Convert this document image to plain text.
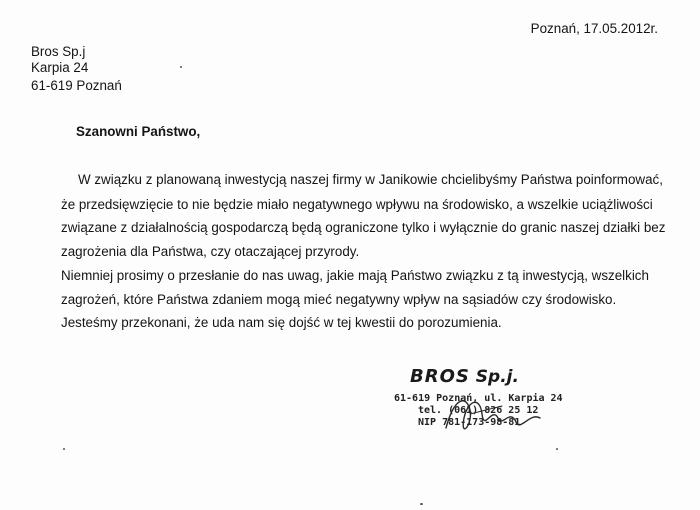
Poznań, 17.05.2012r.
Bros Sp.j
Karpia 24
61-619 Poznań
Szanowni Państwo,
W związku z planowaną inwestycją naszej firmy w Janikowie chcielibyśmy Państwa poinformować,
że przedsięwzięcie to nie będzie miało negatywnego wpływu na środowisko, a wszelkie uciążliwości
związane z działalnością gospodarczą będą ograniczone tylko i wyłącznie do granic naszej działki bez
zagrożenia dla Państwa, czy otaczającej przyrody.
Niemniej prosimy o przesłanie do nas uwag, jakie mają Państwo związku z tą inwestycją, wszelkich
zagrożeń, które Państwa zdaniem mogą mieć negatywny wpływ na sąsiadów czy środowisko.
Jesteśmy przekonani, że uda nam się dojść w tej kwestii do porozumienia.
BROS Sp.j.
61-619 Poznań, ul. Karpia 24
tel. (061) 826 25 12
NIP 781-173-98-81
